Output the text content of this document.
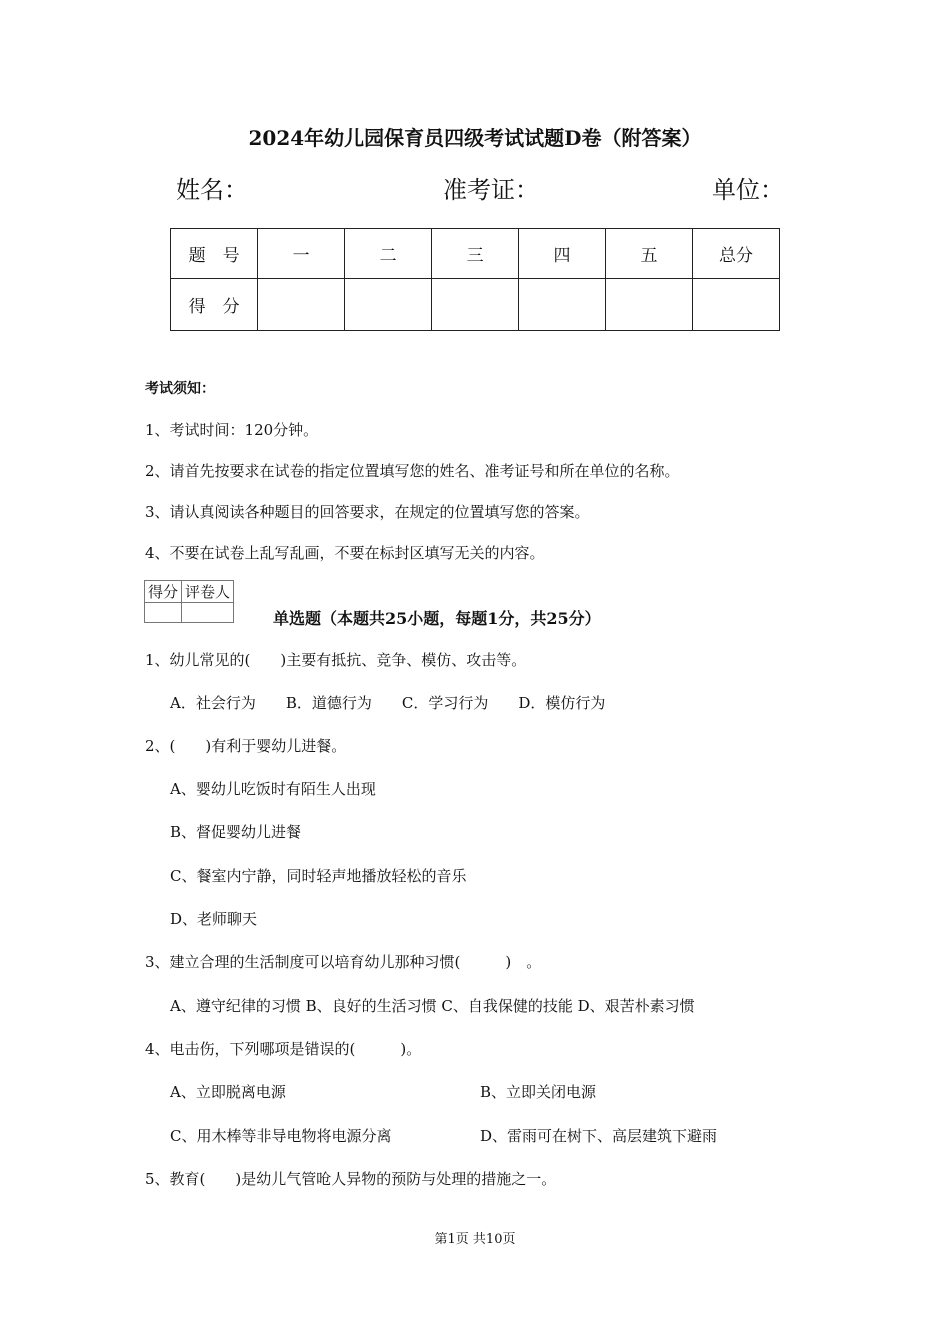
2024年幼儿园保育员四级考试试题D卷（附答案）
姓名：	准考证：	单位：
题　号	一	二	三	四	五	总分
得　分						
考试须知：
1、考试时间：120分钟。
2、请首先按要求在试卷的指定位置填写您的姓名、准考证号和所在单位的名称。
3、请认真阅读各种题目的回答要求，在规定的位置填写您的答案。
4、不要在试卷上乱写乱画，不要在标封区填写无关的内容。
得分	评卷人

单选题（本题共25小题，每题1分，共25分）
1、幼儿常见的(　　)主要有抵抗、竞争、模仿、攻击等。
A．社会行为　　B．道德行为　　C．学习行为　　D．模仿行为
2、(　　)有利于婴幼儿进餐。
A、婴幼儿吃饭时有陌生人出现
B、督促婴幼儿进餐
C、餐室内宁静，同时轻声地播放轻松的音乐
D、老师聊天
3、建立合理的生活制度可以培育幼儿那种习惯(　　　)　。
A、遵守纪律的习惯 B、良好的生活习惯 C、自我保健的技能 D、艰苦朴素习惯
4、电击伤，下列哪项是错误的(　　　)。
A、立即脱离电源	B、立即关闭电源
C、用木棒等非导电物将电源分离	D、雷雨可在树下、高层建筑下避雨
5、教育(　　)是幼儿气管呛人异物的预防与处理的措施之一。
第1页 共10页
